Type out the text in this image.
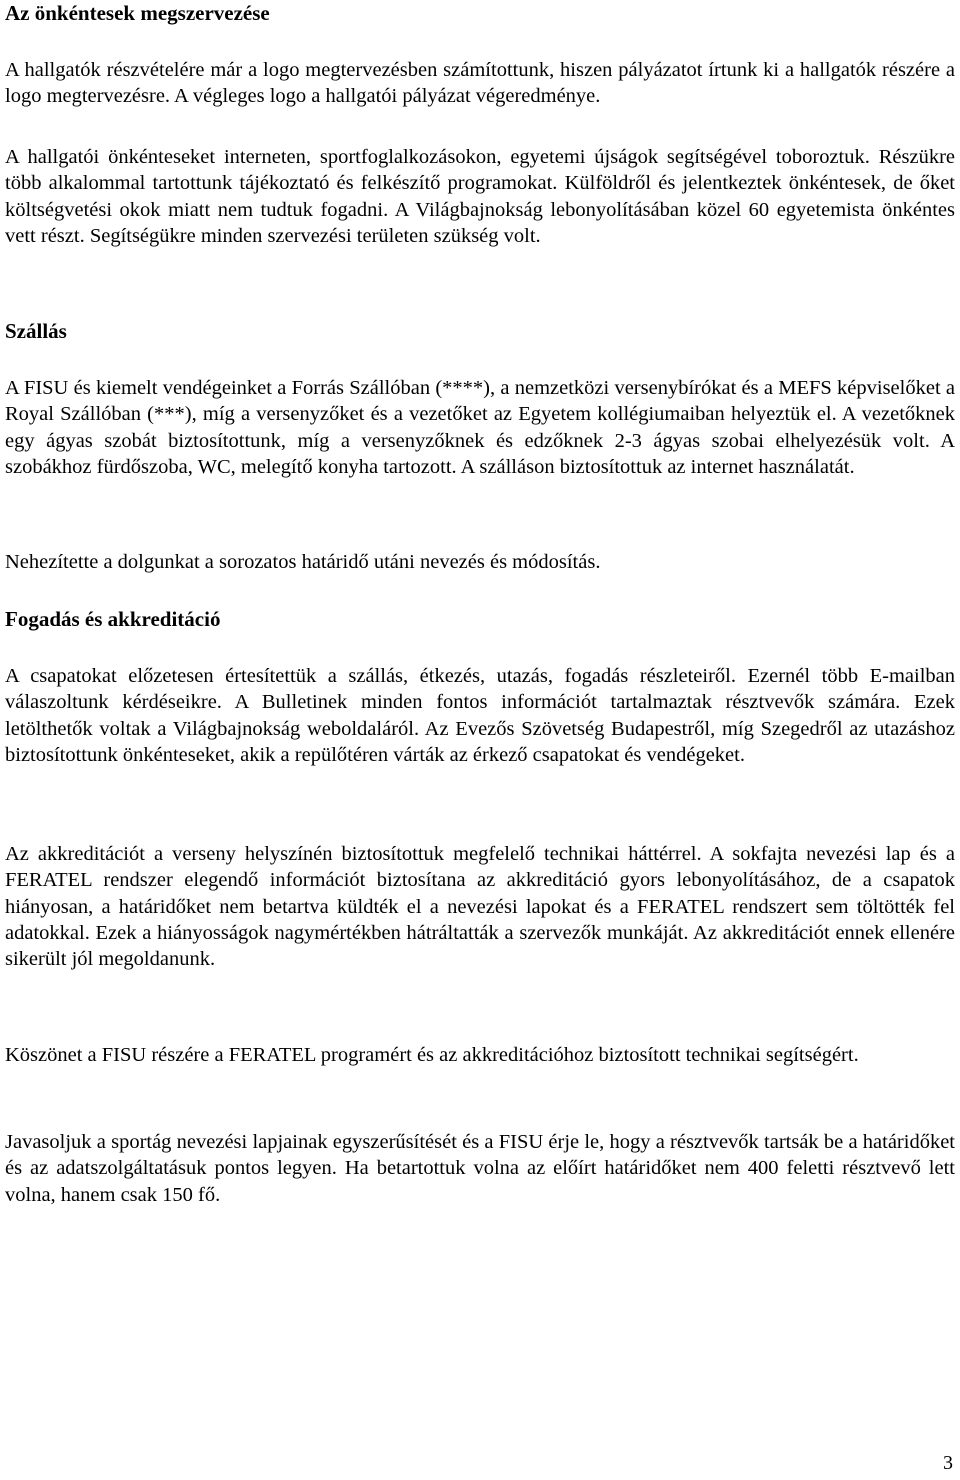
Az önkéntesek megszervezése

A hallgatók részvételére már a logo megtervezésben számítottunk, hiszen pályázatot írtunk ki a hallgatók részére a logo megtervezésre. A végleges logo a hallgatói pályázat végeredménye.

A hallgatói önkénteseket interneten, sportfoglalkozásokon, egyetemi újságok segítségével toboroztuk. Részükre több alkalommal tartottunk tájékoztató és felkészítő programokat. Külföldről és jelentkeztek önkéntesek, de őket költségvetési okok miatt nem tudtuk fogadni. A Világbajnokság lebonyolításában közel 60 egyetemista önkéntes vett részt. Segítségükre minden szervezési területen szükség volt.

Szállás

A FISU és kiemelt vendégeinket a Forrás Szállóban (****), a nemzetközi versenybírókat és a MEFS képviselőket a Royal Szállóban (***), míg a versenyzőket és a vezetőket az Egyetem kollégiumaiban helyeztük el. A vezetőknek egy ágyas szobát biztosítottunk, míg a versenyzőknek és edzőknek 2-3 ágyas szobai elhelyezésük volt. A szobákhoz fürdőszoba, WC, melegítő konyha tartozott. A szálláson biztosítottuk az internet használatát.

Nehezítette a dolgunkat a sorozatos határidő utáni nevezés és módosítás.

Fogadás és akkreditáció

A csapatokat előzetesen értesítettük a szállás, étkezés, utazás, fogadás részleteiről. Ezernél több E-mailban válaszoltunk kérdéseikre. A Bulletinek minden fontos információt tartalmaztak résztvevők számára. Ezek letölthetők voltak a Világbajnokság weboldaláról. Az Evezős Szövetség Budapestről, míg Szegedről az utazáshoz biztosítottunk önkénteseket, akik a repülőtéren várták az érkező csapatokat és vendégeket.

Az akkreditációt a verseny helyszínén biztosítottuk megfelelő technikai háttérrel. A sokfajta nevezési lap és a FERATEL rendszer elegendő információt biztosítana az akkreditáció gyors lebonyolításához, de a csapatok hiányosan, a határidőket nem betartva küldték el a nevezési lapokat és a FERATEL rendszert sem töltötték fel adatokkal. Ezek a hiányosságok nagymértékben hátráltatták a szervezők munkáját. Az akkreditációt ennek ellenére sikerült jól megoldanunk.

Köszönet a FISU részére a FERATEL programért és az akkreditációhoz biztosított technikai segítségért.

Javasoljuk a sportág nevezési lapjainak egyszerűsítését és a FISU érje le, hogy a résztvevők tartsák be a határidőket és az adatszolgáltatásuk pontos legyen. Ha betartottuk volna az előírt határidőket nem 400 feletti résztvevő lett volna, hanem csak 150 fő.

3
